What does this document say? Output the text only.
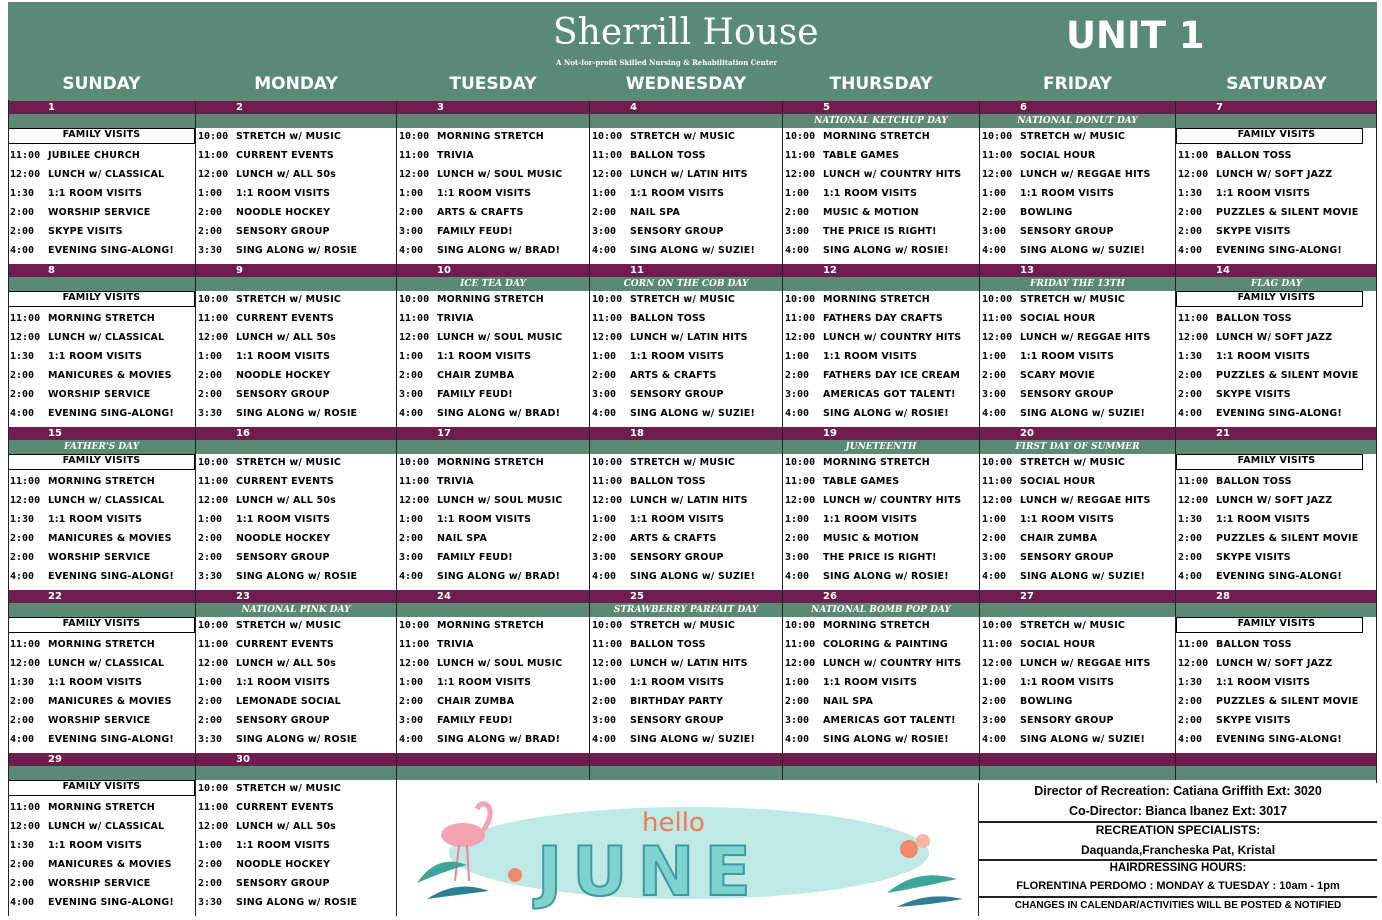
Sherrill House
A Not-for-profit Skilled Nursing & Rehabilitation Center
UNIT 1
SUNDAY	MONDAY	TUESDAY	WEDNESDAY	THURSDAY	FRIDAY	SATURDAY
1
FAMILY VISITS
11:00 JUBILEE CHURCH
12:00 LUNCH w/ CLASSICAL
1:30 1:1 ROOM VISITS
2:00 WORSHIP SERVICE
2:00 SKYPE VISITS
4:00 EVENING SING-ALONG!
2
10:00 STRETCH w/ MUSIC
11:00 CURRENT EVENTS
12:00 LUNCH w/ ALL 50s
1:00 1:1 ROOM VISITS
2:00 NOODLE HOCKEY
2:00 SENSORY GROUP
3:30 SING ALONG w/ ROSIE
3
10:00 MORNING STRETCH
11:00 TRIVIA
12:00 LUNCH w/ SOUL MUSIC
1:00 1:1 ROOM VISITS
2:00 ARTS & CRAFTS
3:00 FAMILY FEUD!
4:00 SING ALONG w/ BRAD!
4
10:00 STRETCH w/ MUSIC
11:00 BALLON TOSS
12:00 LUNCH w/ LATIN HITS
1:00 1:1 ROOM VISITS
2:00 NAIL SPA
3:00 SENSORY GROUP
4:00 SING ALONG w/ SUZIE!
5
NATIONAL KETCHUP DAY
10:00 MORNING STRETCH
11:00 TABLE GAMES
12:00 LUNCH w/ COUNTRY HITS
1:00 1:1 ROOM VISITS
2:00 MUSIC & MOTION
3:00 THE PRICE IS RIGHT!
4:00 SING ALONG w/ ROSIE!
6
NATIONAL DONUT DAY
10:00 STRETCH w/ MUSIC
11:00 SOCIAL HOUR
12:00 LUNCH w/ REGGAE HITS
1:00 1:1 ROOM VISITS
2:00 BOWLING
3:00 SENSORY GROUP
4:00 SING ALONG w/ SUZIE!
7
FAMILY VISITS
11:00 BALLON TOSS
12:00 LUNCH W/ SOFT JAZZ
1:30 1:1 ROOM VISITS
2:00 PUZZLES & SILENT MOVIE
2:00 SKYPE VISITS
4:00 EVENING SING-ALONG!
8
FAMILY VISITS
11:00 MORNING STRETCH
12:00 LUNCH w/ CLASSICAL
1:30 1:1 ROOM VISITS
2:00 MANICURES & MOVIES
2:00 WORSHIP SERVICE
4:00 EVENING SING-ALONG!
9
10:00 STRETCH w/ MUSIC
11:00 CURRENT EVENTS
12:00 LUNCH w/ ALL 50s
1:00 1:1 ROOM VISITS
2:00 NOODLE HOCKEY
2:00 SENSORY GROUP
3:30 SING ALONG w/ ROSIE
10
ICE TEA DAY
10:00 MORNING STRETCH
11:00 TRIVIA
12:00 LUNCH w/ SOUL MUSIC
1:00 1:1 ROOM VISITS
2:00 CHAIR ZUMBA
3:00 FAMILY FEUD!
4:00 SING ALONG w/ BRAD!
11
CORN ON THE COB DAY
10:00 STRETCH w/ MUSIC
11:00 BALLON TOSS
12:00 LUNCH w/ LATIN HITS
1:00 1:1 ROOM VISITS
2:00 ARTS & CRAFTS
3:00 SENSORY GROUP
4:00 SING ALONG w/ SUZIE!
12
10:00 MORNING STRETCH
11:00 FATHERS DAY CRAFTS
12:00 LUNCH w/ COUNTRY HITS
1:00 1:1 ROOM VISITS
2:00 FATHERS DAY ICE CREAM
3:00 AMERICAS GOT TALENT!
4:00 SING ALONG w/ ROSIE!
13
FRIDAY THE 13TH
10:00 STRETCH w/ MUSIC
11:00 SOCIAL HOUR
12:00 LUNCH w/ REGGAE HITS
1:00 1:1 ROOM VISITS
2:00 SCARY MOVIE
3:00 SENSORY GROUP
4:00 SING ALONG w/ SUZIE!
14
FLAG DAY
FAMILY VISITS
11:00 BALLON TOSS
12:00 LUNCH W/ SOFT JAZZ
1:30 1:1 ROOM VISITS
2:00 PUZZLES & SILENT MOVIE
2:00 SKYPE VISITS
4:00 EVENING SING-ALONG!
15
FATHER'S DAY
FAMILY VISITS
11:00 MORNING STRETCH
12:00 LUNCH w/ CLASSICAL
1:30 1:1 ROOM VISITS
2:00 MANICURES & MOVIES
2:00 WORSHIP SERVICE
4:00 EVENING SING-ALONG!
16
10:00 STRETCH w/ MUSIC
11:00 CURRENT EVENTS
12:00 LUNCH w/ ALL 50s
1:00 1:1 ROOM VISITS
2:00 NOODLE HOCKEY
2:00 SENSORY GROUP
3:30 SING ALONG w/ ROSIE
17
10:00 MORNING STRETCH
11:00 TRIVIA
12:00 LUNCH w/ SOUL MUSIC
1:00 1:1 ROOM VISITS
2:00 NAIL SPA
3:00 FAMILY FEUD!
4:00 SING ALONG w/ BRAD!
18
10:00 STRETCH w/ MUSIC
11:00 BALLON TOSS
12:00 LUNCH w/ LATIN HITS
1:00 1:1 ROOM VISITS
2:00 ARTS & CRAFTS
3:00 SENSORY GROUP
4:00 SING ALONG w/ SUZIE!
19
JUNETEENTH
10:00 MORNING STRETCH
11:00 TABLE GAMES
12:00 LUNCH w/ COUNTRY HITS
1:00 1:1 ROOM VISITS
2:00 MUSIC & MOTION
3:00 THE PRICE IS RIGHT!
4:00 SING ALONG w/ ROSIE!
20
FIRST DAY OF SUMMER
10:00 STRETCH w/ MUSIC
11:00 SOCIAL HOUR
12:00 LUNCH w/ REGGAE HITS
1:00 1:1 ROOM VISITS
2:00 CHAIR ZUMBA
3:00 SENSORY GROUP
4:00 SING ALONG w/ SUZIE!
21
FAMILY VISITS
11:00 BALLON TOSS
12:00 LUNCH W/ SOFT JAZZ
1:30 1:1 ROOM VISITS
2:00 PUZZLES & SILENT MOVIE
2:00 SKYPE VISITS
4:00 EVENING SING-ALONG!
22
FAMILY VISITS
11:00 MORNING STRETCH
12:00 LUNCH w/ CLASSICAL
1:30 1:1 ROOM VISITS
2:00 MANICURES & MOVIES
2:00 WORSHIP SERVICE
4:00 EVENING SING-ALONG!
23
NATIONAL PINK DAY
10:00 STRETCH w/ MUSIC
11:00 CURRENT EVENTS
12:00 LUNCH w/ ALL 50s
1:00 1:1 ROOM VISITS
2:00 LEMONADE SOCIAL
2:00 SENSORY GROUP
3:30 SING ALONG w/ ROSIE
24
10:00 MORNING STRETCH
11:00 TRIVIA
12:00 LUNCH w/ SOUL MUSIC
1:00 1:1 ROOM VISITS
2:00 CHAIR ZUMBA
3:00 FAMILY FEUD!
4:00 SING ALONG w/ BRAD!
25
STRAWBERRY PARFAIT DAY
10:00 STRETCH w/ MUSIC
11:00 BALLON TOSS
12:00 LUNCH w/ LATIN HITS
1:00 1:1 ROOM VISITS
2:00 BIRTHDAY PARTY
3:00 SENSORY GROUP
4:00 SING ALONG w/ SUZIE!
26
NATIONAL BOMB POP DAY
10:00 MORNING STRETCH
11:00 COLORING & PAINTING
12:00 LUNCH w/ COUNTRY HITS
1:00 1:1 ROOM VISITS
2:00 NAIL SPA
3:00 AMERICAS GOT TALENT!
4:00 SING ALONG w/ ROSIE!
27
10:00 STRETCH w/ MUSIC
11:00 SOCIAL HOUR
12:00 LUNCH w/ REGGAE HITS
1:00 1:1 ROOM VISITS
2:00 BOWLING
3:00 SENSORY GROUP
4:00 SING ALONG w/ SUZIE!
28
FAMILY VISITS
11:00 BALLON TOSS
12:00 LUNCH W/ SOFT JAZZ
1:30 1:1 ROOM VISITS
2:00 PUZZLES & SILENT MOVIE
2:00 SKYPE VISITS
4:00 EVENING SING-ALONG!
29
FAMILY VISITS
11:00 MORNING STRETCH
12:00 LUNCH w/ CLASSICAL
1:30 1:1 ROOM VISITS
2:00 MANICURES & MOVIES
2:00 WORSHIP SERVICE
4:00 EVENING SING-ALONG!
30
10:00 STRETCH w/ MUSIC
11:00 CURRENT EVENTS
12:00 LUNCH w/ ALL 50s
1:00 1:1 ROOM VISITS
2:00 NOODLE HOCKEY
2:00 SENSORY GROUP
3:30 SING ALONG w/ ROSIE
hello
JUNE
Director of Recreation: Catiana Griffith Ext: 3020
Co-Director: Bianca Ibanez Ext: 3017
RECREATION SPECIALISTS:
Daquanda,Francheska Pat, Kristal
HAIRDRESSING HOURS:
FLORENTINA PERDOMO : MONDAY & TUESDAY : 10am - 1pm
CHANGES IN CALENDAR/ACTIVITIES WILL BE POSTED & NOTIFIED
